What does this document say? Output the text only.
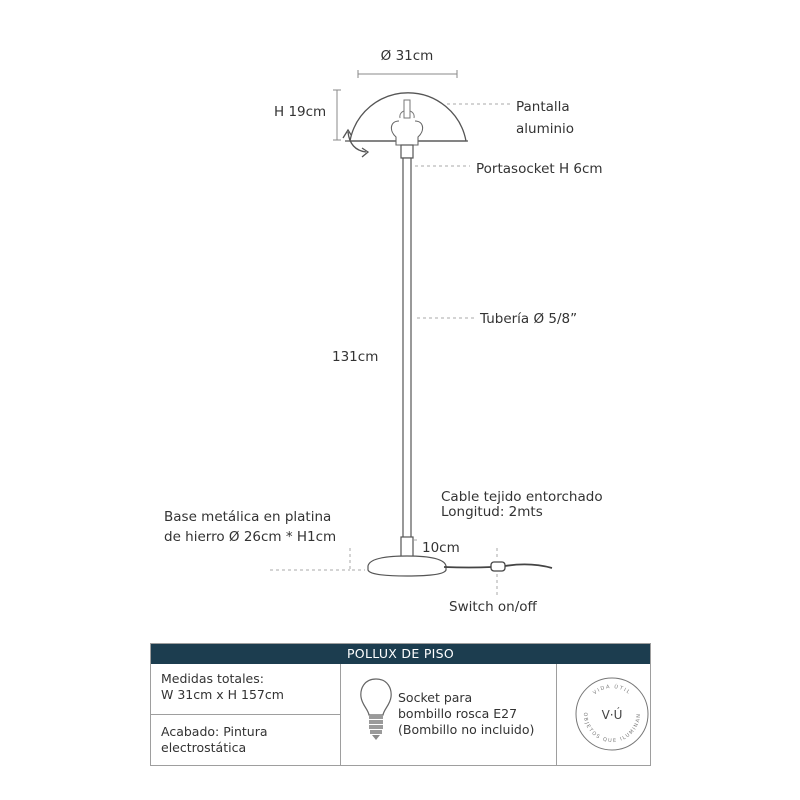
Ø 31cm
H 19cm	Pantalla
aluminio
Portasocket H 6cm
Tubería Ø 5/8”
131cm
Cable tejido entorchado
Longitud: 2mts
Base metálica en platina
de hierro Ø 26cm * H1cm
10cm
Switch on/off
POLLUX DE PISO
Medidas totales:
W 31cm x H 157cm
Acabado: Pintura
electrostática
Socket para
bombillo rosca E27
(Bombillo no incluido)
VIDA ÚTIL
OBJETOS QUE ILUMINAN
V·Ú
